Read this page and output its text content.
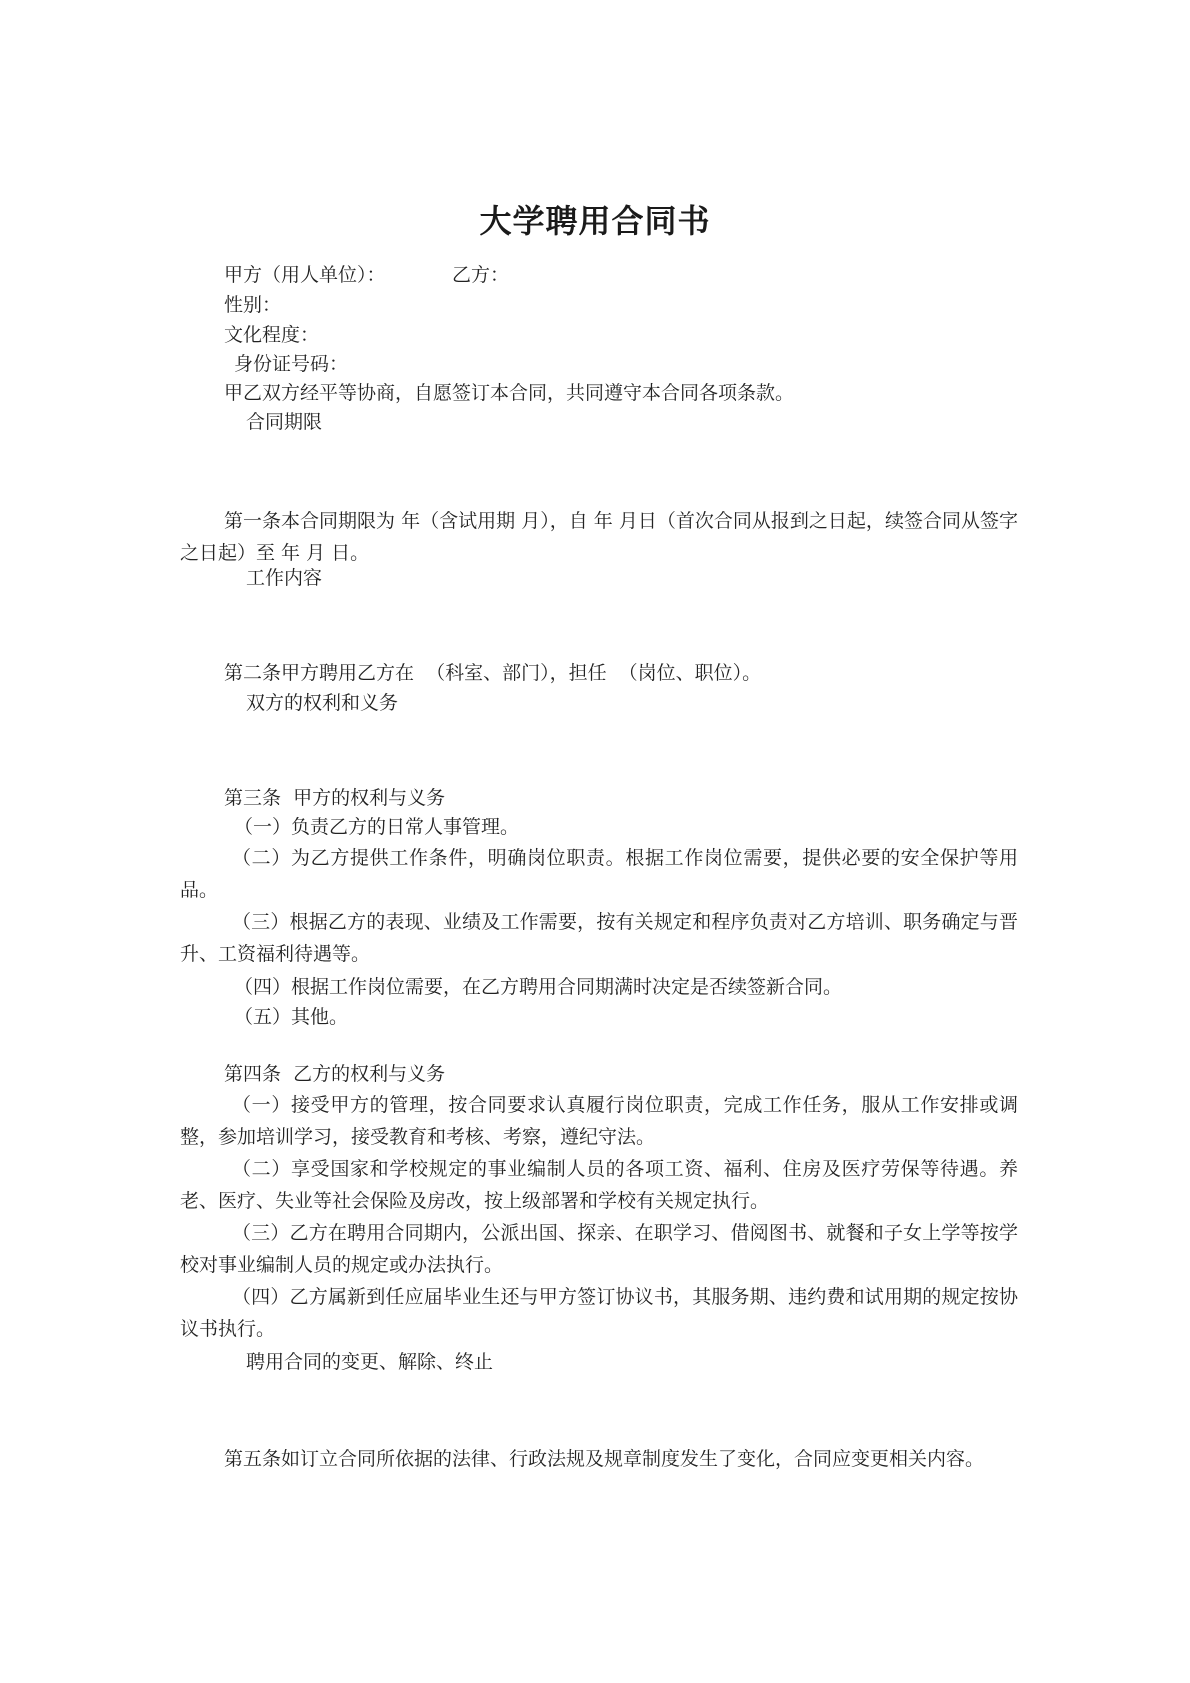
大学聘用合同书
甲方（用人单位）：	乙方：
性别：
文化程度：
身份证号码：
甲乙双方经平等协商，自愿签订本合同，共同遵守本合同各项条款。
合同期限
第一条本合同期限为 年（含试用期 月），自 年 月日（首次合同从报到之日起，续签合同从签字之日起）至 年 月 日。
工作内容
第二条甲方聘用乙方在  （科室、部门），担任  （岗位、职位）。
双方的权利和义务
第三条  甲方的权利与义务
（一）负责乙方的日常人事管理。
（二）为乙方提供工作条件，明确岗位职责。根据工作岗位需要，提供必要的安全保护等用品。
（三）根据乙方的表现、业绩及工作需要，按有关规定和程序负责对乙方培训、职务确定与晋升、工资福利待遇等。
（四）根据工作岗位需要，在乙方聘用合同期满时决定是否续签新合同。
（五）其他。
第四条  乙方的权利与义务
（一）接受甲方的管理，按合同要求认真履行岗位职责，完成工作任务，服从工作安排或调整，参加培训学习，接受教育和考核、考察，遵纪守法。
（二）享受国家和学校规定的事业编制人员的各项工资、福利、住房及医疗劳保等待遇。养老、医疗、失业等社会保险及房改，按上级部署和学校有关规定执行。
（三）乙方在聘用合同期内，公派出国、探亲、在职学习、借阅图书、就餐和子女上学等按学校对事业编制人员的规定或办法执行。
（四）乙方属新到任应届毕业生还与甲方签订协议书，其服务期、违约费和试用期的规定按协议书执行。
聘用合同的变更、解除、终止
第五条如订立合同所依据的法律、行政法规及规章制度发生了变化，合同应变更相关内容。
